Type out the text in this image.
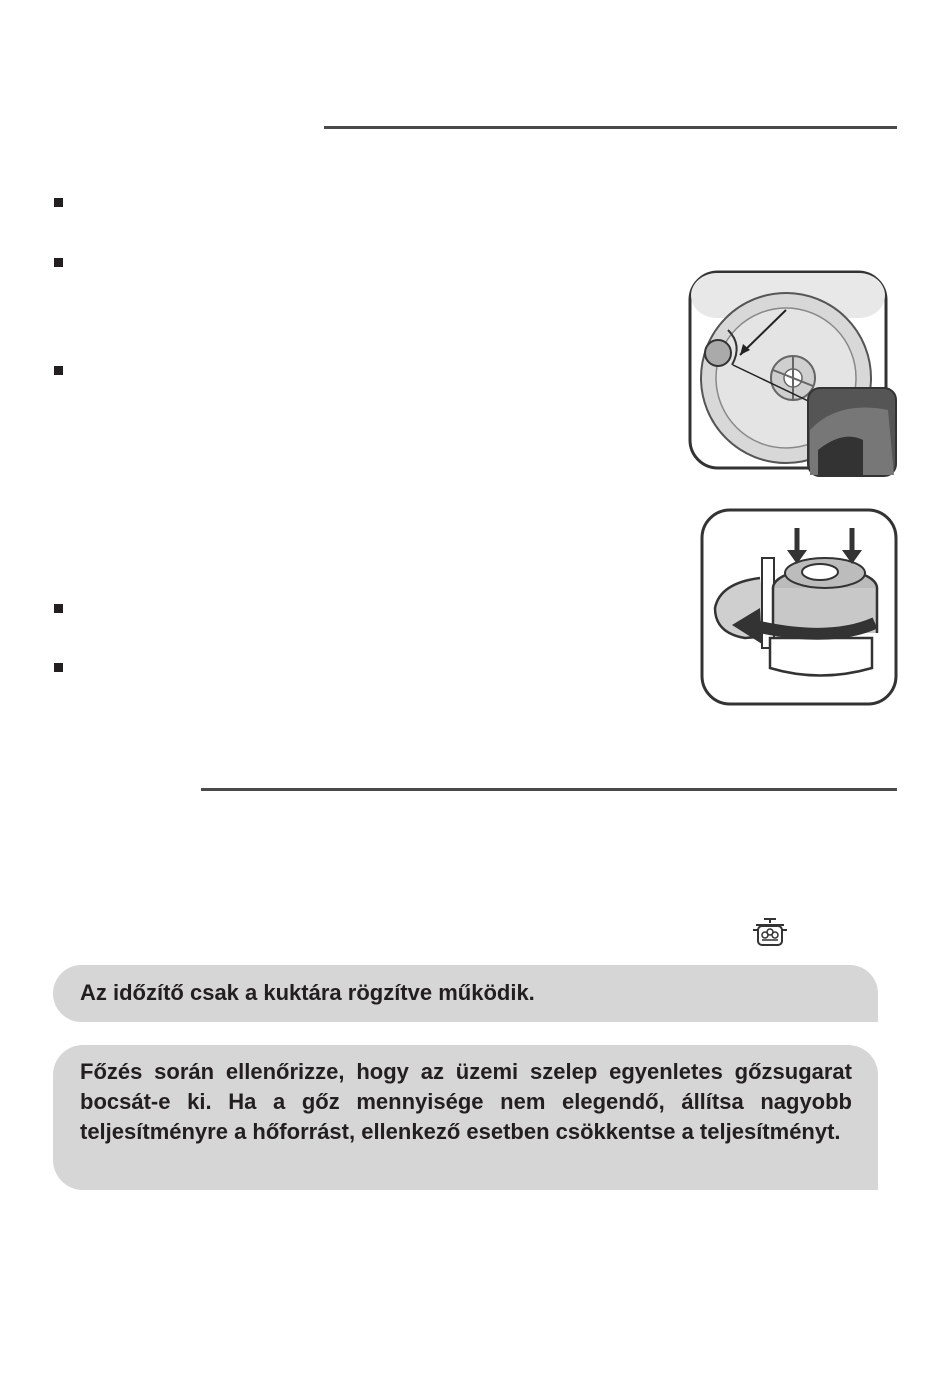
Az időzítő csak a kuktára rögzítve működik.
Főzés során ellenőrizze, hogy az üzemi szelep egyenletes gőzsugarat bocsát-e ki. Ha a gőz mennyisége nem elegendő, állítsa nagyobb teljesítményre a hőforrást, ellenkező esetben csökkentse a teljesítményt.
